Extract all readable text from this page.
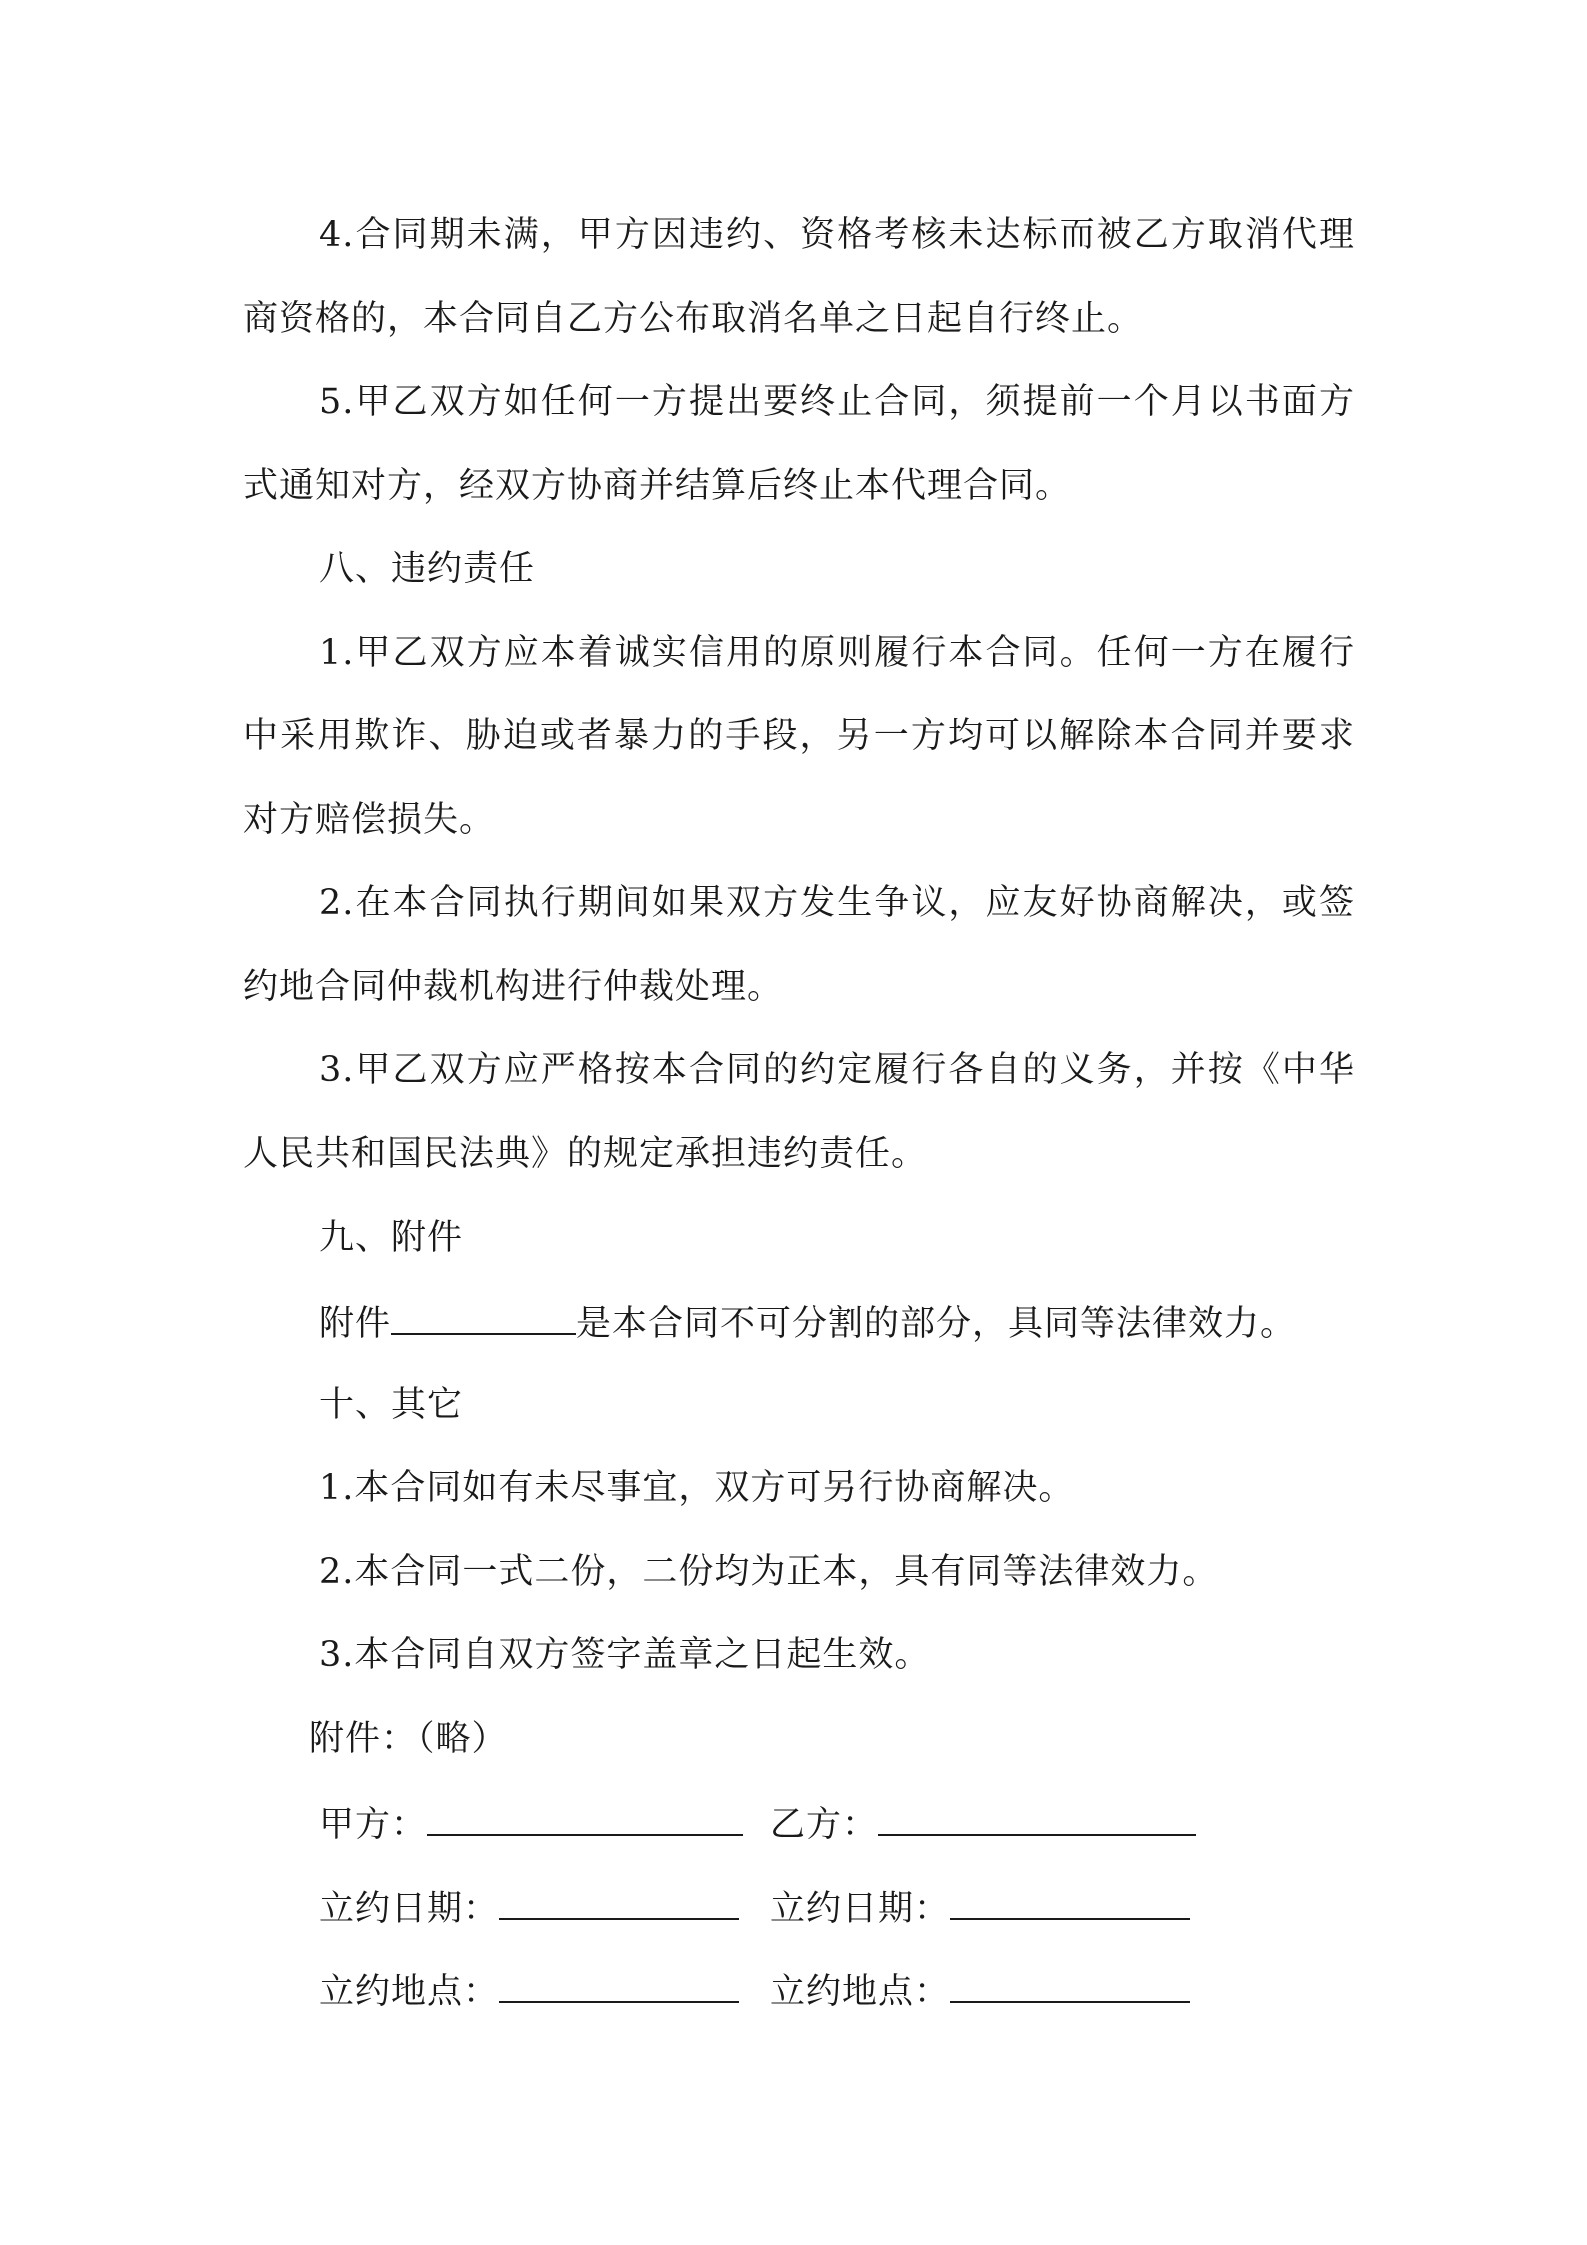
4.合同期未满，甲方因违约、资格考核未达标而被乙方取消代理
商资格的，本合同自乙方公布取消名单之日起自行终止。
5.甲乙双方如任何一方提出要终止合同，须提前一个月以书面方
式通知对方，经双方协商并结算后终止本代理合同。
八、违约责任
1.甲乙双方应本着诚实信用的原则履行本合同。任何一方在履行
中采用欺诈、胁迫或者暴力的手段，另一方均可以解除本合同并要求
对方赔偿损失。
2.在本合同执行期间如果双方发生争议，应友好协商解决，或签
约地合同仲裁机构进行仲裁处理。
3.甲乙双方应严格按本合同的约定履行各自的义务，并按《中华
人民共和国民法典》的规定承担违约责任。
九、附件
附件	是本合同不可分割的部分，具同等法律效力。
十、其它
1.本合同如有未尽事宜，双方可另行协商解决。
2.本合同一式二份，二份均为正本，具有同等法律效力。
3.本合同自双方签字盖章之日起生效。
附件：（略）
甲方：	乙方：
立约日期：	立约日期：
立约地点：	立约地点：
